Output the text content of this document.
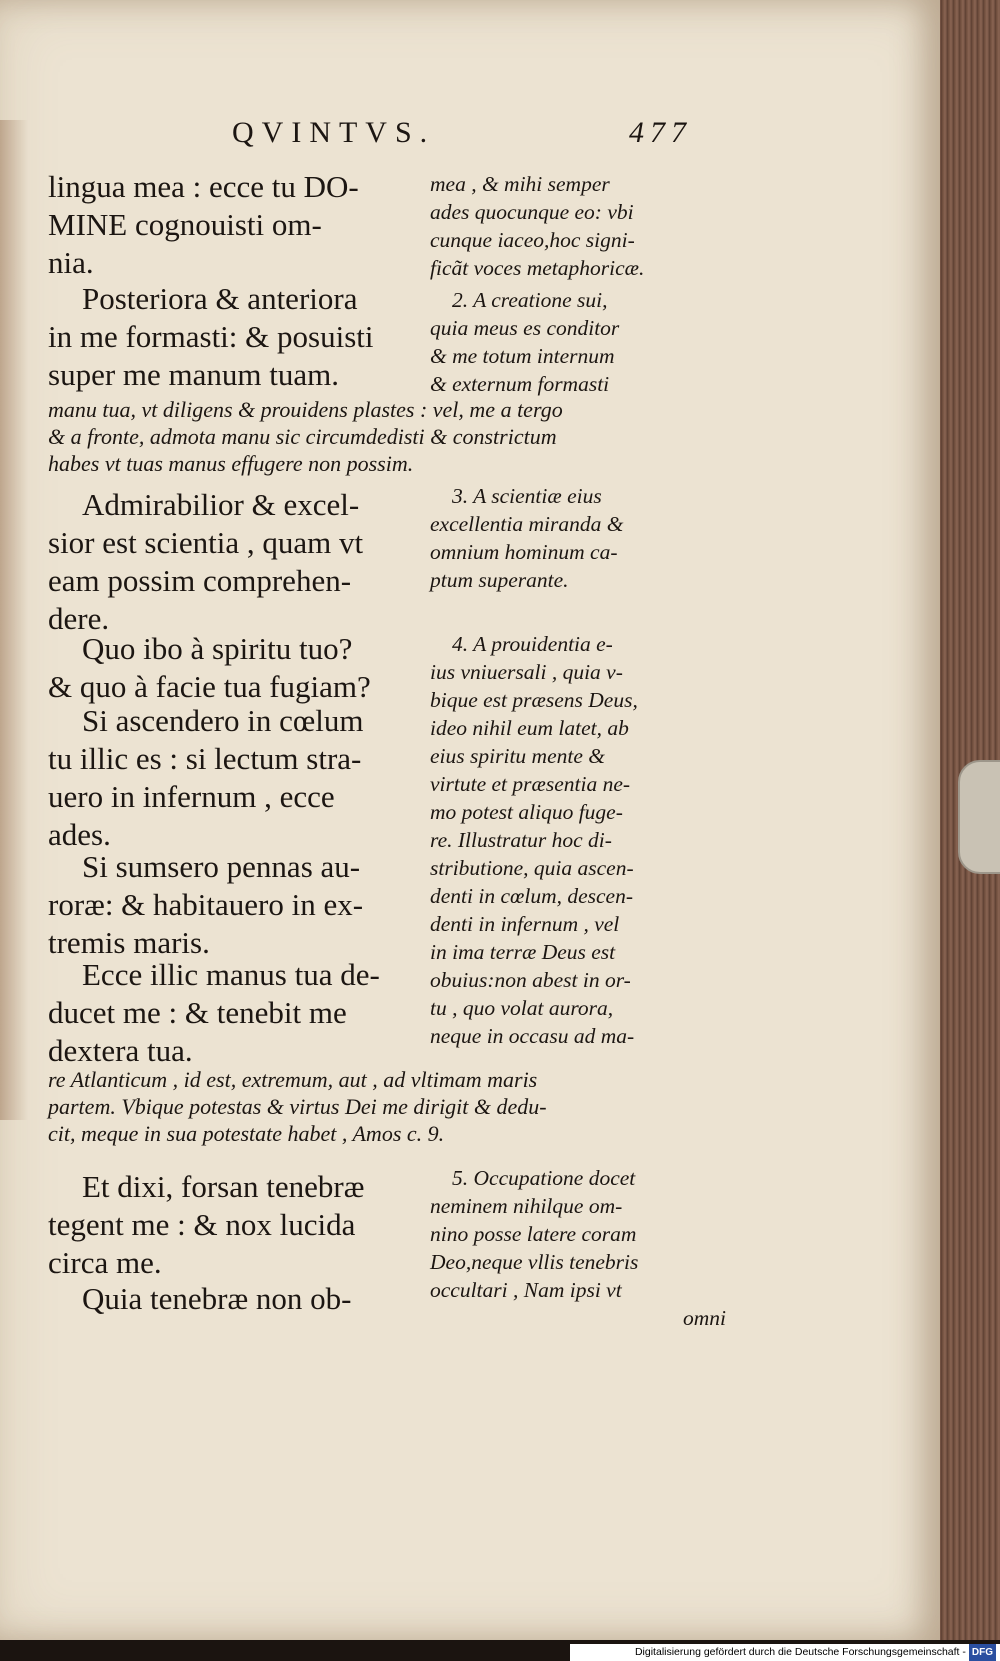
QVINTVS.	477
lingua mea : ecce tu DO-
MINE cognouisti om-
nia.
Posteriora & anteriora
in me formasti: & posuisti
super me manum tuam.
Admirabilior & excel-
sior est scientia , quam vt
eam possim comprehen-
dere.
Quo ibo à spiritu tuo?
& quo à facie tua fugiam?
Si ascendero in cœlum
tu illic es : si lectum stra-
uero in infernum , ecce
ades.
Si sumsero pennas au-
roræ: & habitauero in ex-
tremis maris.
Ecce illic manus tua de-
ducet me : & tenebit me
dextera tua.
Et dixi, forsan tenebræ
tegent me : & nox lucida
circa me.
Quia tenebræ non ob-
mea , & mihi semper
ades quocunque eo: vbi
cunque iaceo,hoc signi-
ficãt voces metaphoricæ.
2. A creatione sui,
quia meus es conditor
& me totum internum
& externum formasti
manu tua, vt diligens & prouidens plastes : vel, me a tergo
& a fronte, admota manu sic circumdedisti & constrictum
habes vt tuas manus effugere non possim.
3. A scientiæ eius
excellentia miranda &
omnium hominum ca-
ptum superante.
4. A prouidentia e-
ius vniuersali , quia v-
bique est præsens Deus,
ideo nihil eum latet, ab
eius spiritu mente &
virtute et præsentia ne-
mo potest aliquo fuge-
re. Illustratur hoc di-
stributione, quia ascen-
denti in cœlum, descen-
denti in infernum , vel
in ima terræ Deus est
obuius:non abest in or-
tu , quo volat aurora,
neque in occasu ad ma-
re Atlanticum , id est, extremum, aut , ad vltimam maris
partem. Vbique potestas & virtus Dei me dirigit & dedu-
cit, meque in sua potestate habet , Amos c. 9.
5. Occupatione docet
neminem nihilque om-
nino posse latere coram
Deo,neque vllis tenebris
occultari , Nam ipsi vt
omni
Digitalisierung gefördert durch die Deutsche Forschungsgemeinschaft - DFG
